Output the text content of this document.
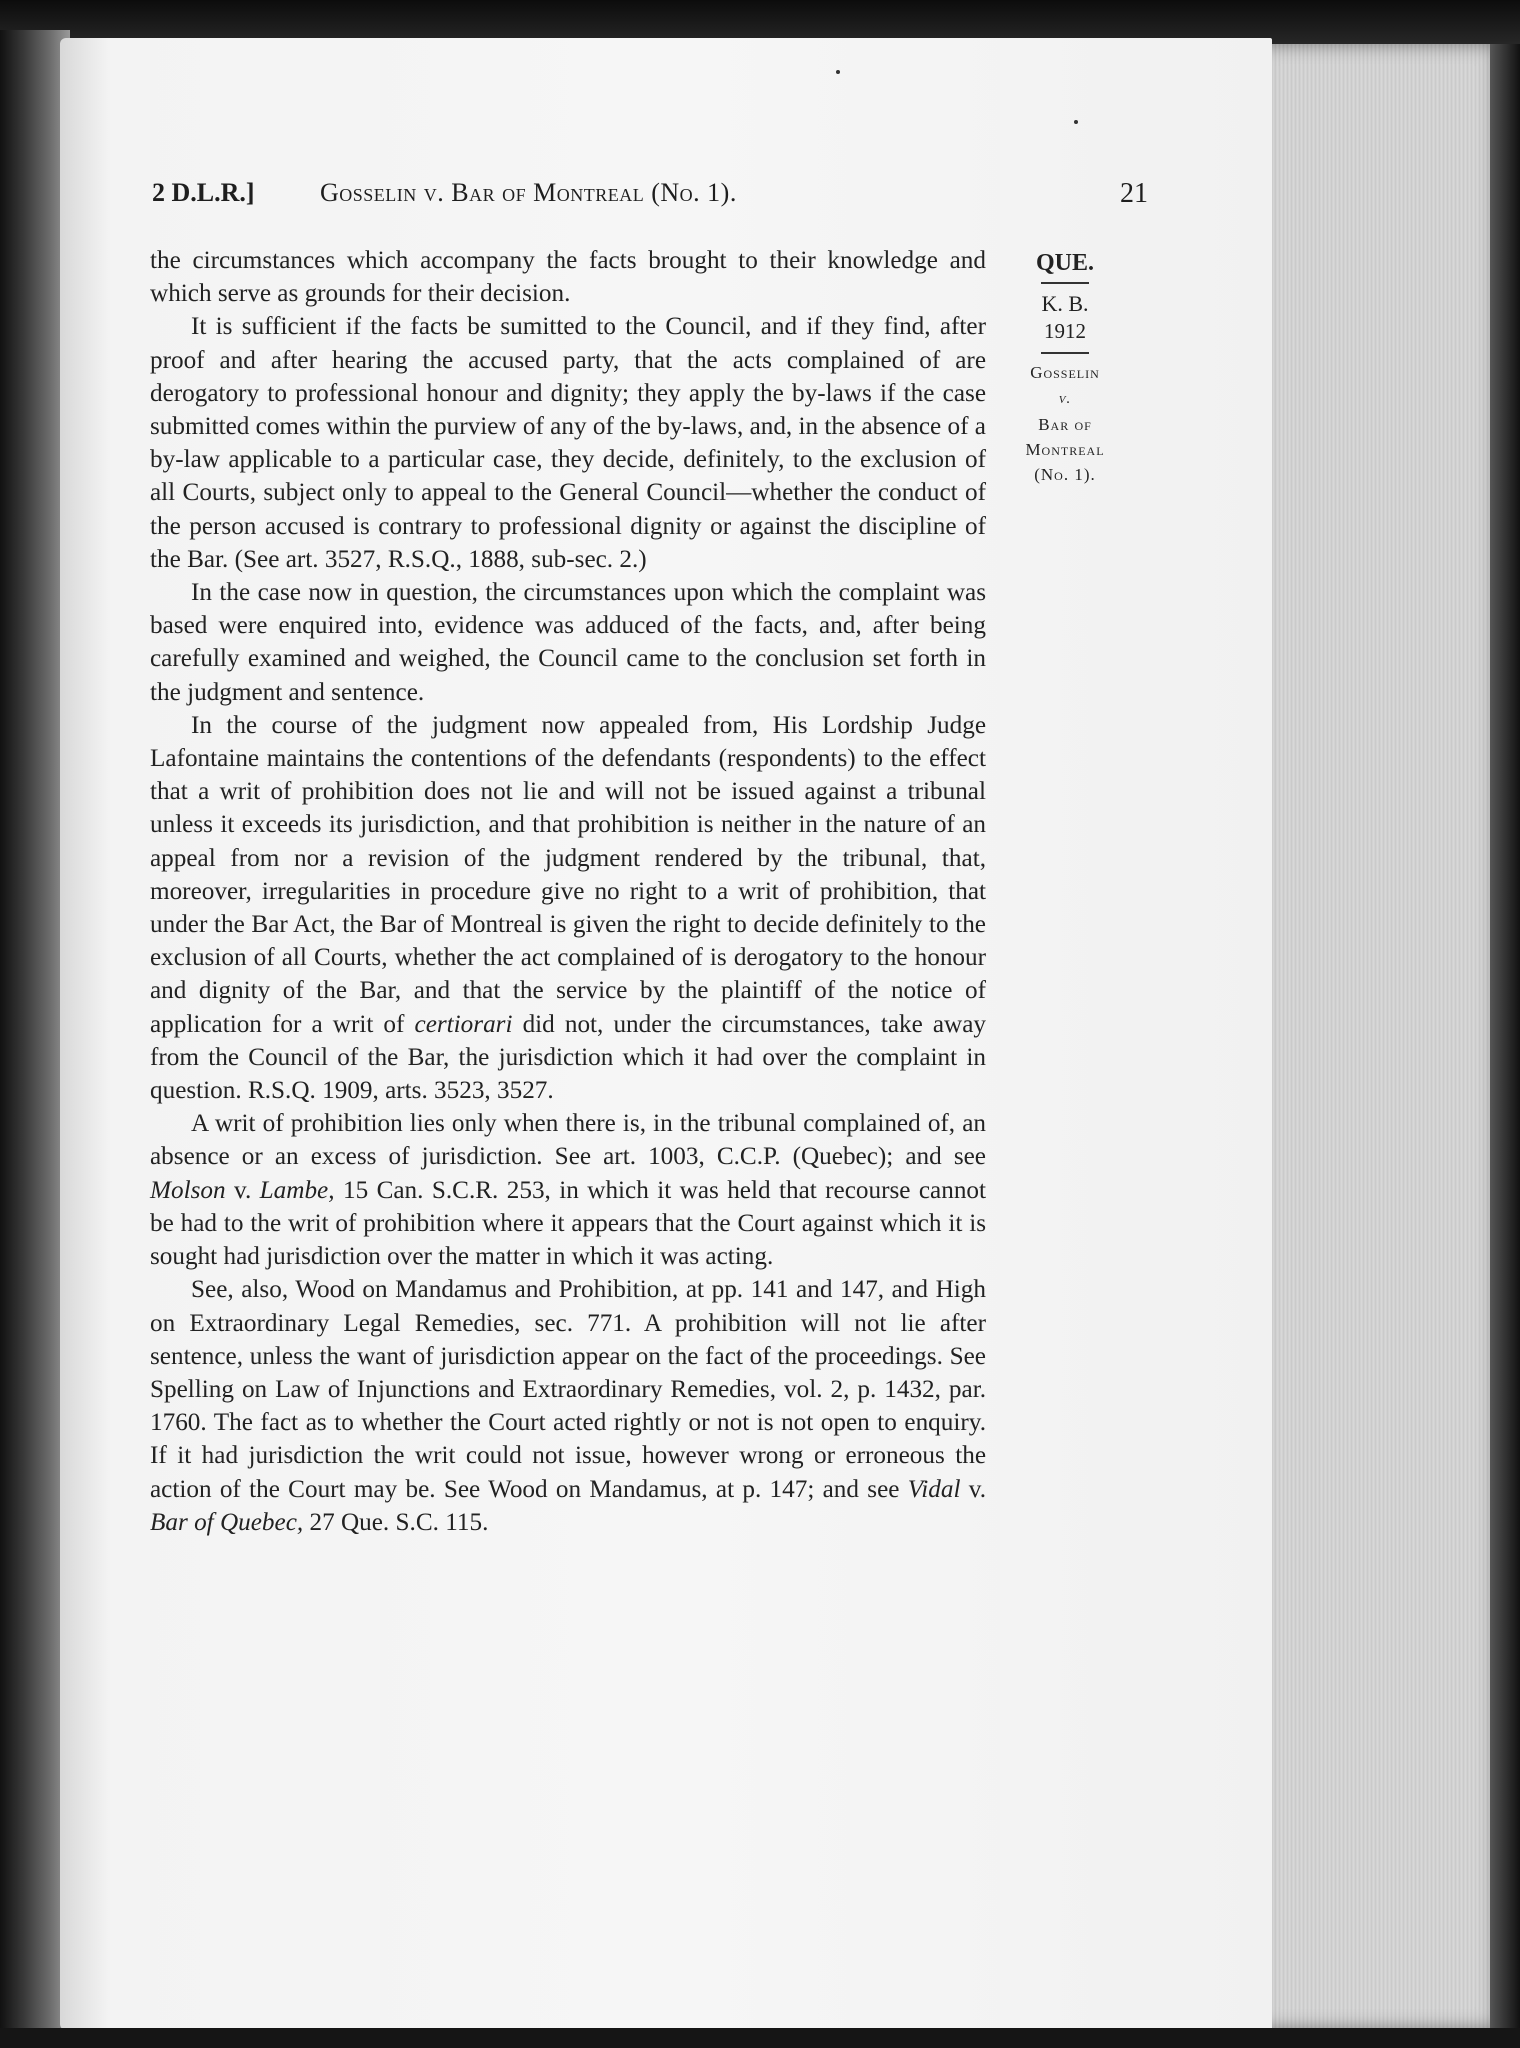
2 D.L.R.]	Gosselin v. Bar of Montreal (No. 1).	21
QUE.
K. B.
1912
Gosselin
v.
Bar of
Montreal
(No. 1).

the circumstances which accompany the facts brought to their knowledge and which serve as grounds for their decision.

It is sufficient if the facts be sumitted to the Council, and if they find, after proof and after hearing the accused party, that the acts complained of are derogatory to professional honour and dignity; they apply the by-laws if the case submitted comes within the purview of any of the by-laws, and, in the absence of a by-law applicable to a particular case, they decide, definitely, to the exclusion of all Courts, subject only to appeal to the General Council—whether the conduct of the person accused is contrary to professional dignity or against the discipline of the Bar. (See art. 3527, R.S.Q., 1888, sub-sec. 2.)

In the case now in question, the circumstances upon which the complaint was based were enquired into, evidence was adduced of the facts, and, after being carefully examined and weighed, the Council came to the conclusion set forth in the judgment and sentence.

In the course of the judgment now appealed from, His Lordship Judge Lafontaine maintains the contentions of the defendants (respondents) to the effect that a writ of prohibition does not lie and will not be issued against a tribunal unless it exceeds its jurisdiction, and that prohibition is neither in the nature of an appeal from nor a revision of the judgment rendered by the tribunal, that, moreover, irregularities in procedure give no right to a writ of prohibition, that under the Bar Act, the Bar of Montreal is given the right to decide definitely to the exclusion of all Courts, whether the act complained of is derogatory to the honour and dignity of the Bar, and that the service by the plaintiff of the notice of application for a writ of certiorari did not, under the circumstances, take away from the Council of the Bar, the jurisdiction which it had over the complaint in question. R.S.Q. 1909, arts. 3523, 3527.

A writ of prohibition lies only when there is, in the tribunal complained of, an absence or an excess of jurisdiction. See art. 1003, C.C.P. (Quebec); and see Molson v. Lambe, 15 Can. S.C.R. 253, in which it was held that recourse cannot be had to the writ of prohibition where it appears that the Court against which it is sought had jurisdiction over the matter in which it was acting.

See, also, Wood on Mandamus and Prohibition, at pp. 141 and 147, and High on Extraordinary Legal Remedies, sec. 771. A prohibition will not lie after sentence, unless the want of jurisdiction appear on the fact of the proceedings. See Spelling on Law of Injunctions and Extraordinary Remedies, vol. 2, p. 1432, par. 1760. The fact as to whether the Court acted rightly or not is not open to enquiry. If it had jurisdiction the writ could not issue, however wrong or erroneous the action of the Court may be. See Wood on Mandamus, at p. 147; and see Vidal v. Bar of Quebec, 27 Que. S.C. 115.
